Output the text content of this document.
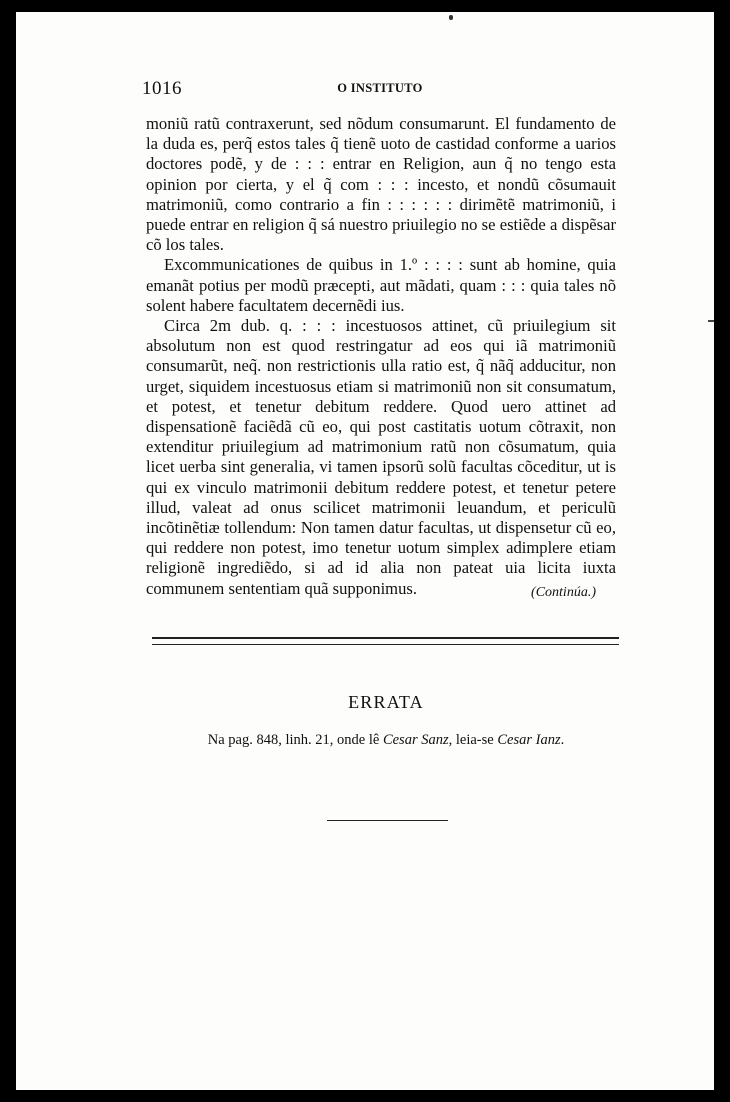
1016	O INSTITUTO

moniũ ratũ contraxerunt, sed nõdum consumarunt. El fundamento de la duda es, perq̃ estos tales q̃ tienẽ uoto de castidad conforme a uarios doctores podẽ, y de : : : entrar en Religion, aun q̃ no tengo esta opinion por cierta, y el q̃ com : : : incesto, et nondũ cõsumauit matrimoniũ, como contrario a fin : : : : : : dirimẽtẽ matrimoniũ, i puede entrar en religion q̃ sá nuestro priuilegio no se estiẽde a dispẽsar cõ los tales.

Excommunicationes de quibus in 1.º : : : : sunt ab homine, quia emanãt potius per modũ præcepti, aut mãdati, quam : : : quia tales nõ solent habere facultatem decernẽdi ius.

Circa 2m dub. q. : : : incestuosos attinet, cũ priuilegium sit absolutum non est quod restringatur ad eos qui iã matrimoniũ consumarũt, neq̃. non restrictionis ulla ratio est, q̃ nãq̃ adducitur, non urget, siquidem incestuosus etiam si matrimoniũ non sit consumatum, et potest, et tenetur debitum reddere. Quod uero attinet ad dispensationẽ faciẽdã cũ eo, qui post castitatis uotum cõtraxit, non extenditur priuilegium ad matrimonium ratũ non cõsumatum, quia licet uerba sint generalia, vi tamen ipsorũ solũ facultas cõceditur, ut is qui ex vinculo matrimonii debitum reddere potest, et tenetur petere illud, valeat ad onus scilicet matrimonii leuandum, et periculũ incõtinẽtiæ tollendum: Non tamen datur facultas, ut dispensetur cũ eo, qui reddere non potest, imo tenetur uotum simplex adimplere etiam religionẽ ingrediẽdo, si ad id alia non pateat uia licita iuxta communem sententiam quã supponimus.	(Continúa.)
ERRATA
Na pag. 848, linh. 21, onde lê Cesar Sanz, leia-se Cesar Ianz.
